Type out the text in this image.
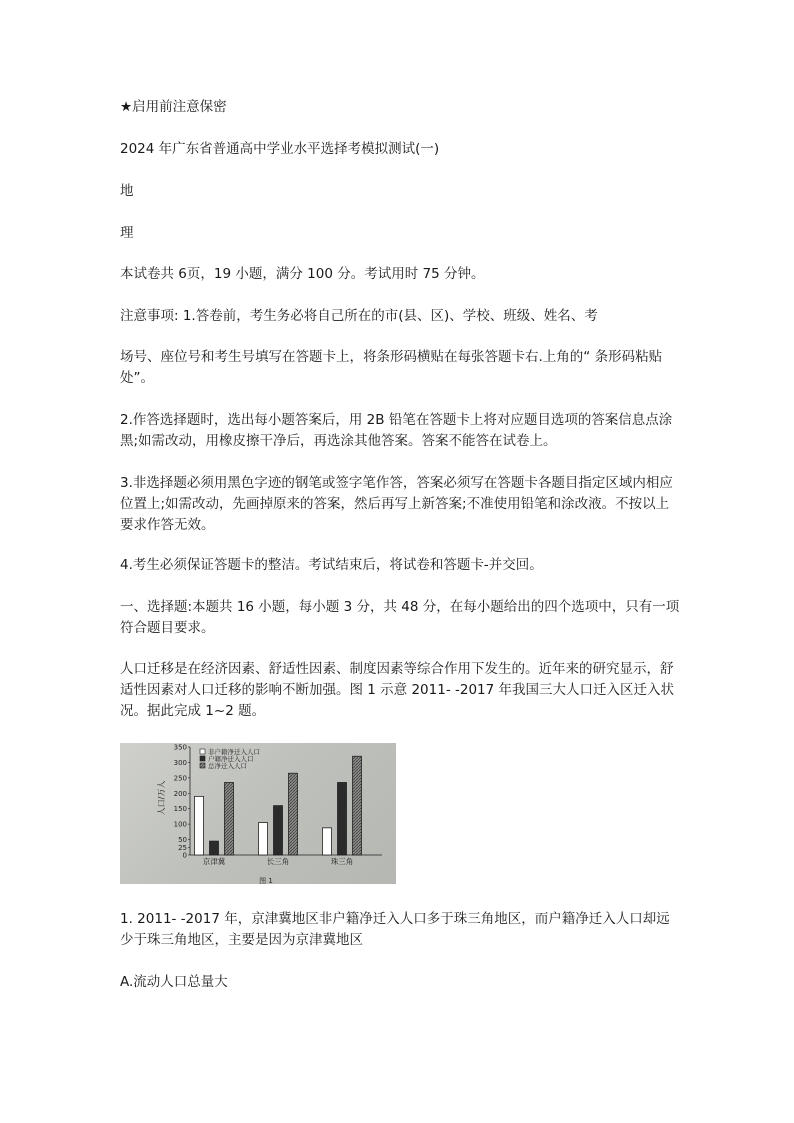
★启用前注意保密
2024 年广东省普通高中学业水平选择考模拟测试(一)
地
理
本试卷共 6页，19 小题，满分 100 分。考试用时 75 分钟。
注意事项: 1.答卷前，考生务必将自己所在的市(县、区)、学校、班级、姓名、考
场号、座位号和考生号填写在答题卡上，将条形码横贴在每张答题卡右.上角的“ 条形码粘贴处”。
2.作答选择题时，选出每小题答案后，用 2B 铅笔在答题卡上将对应题目选项的答案信息点涂黑;如需改动，用橡皮擦干净后，再选涂其他答案。答案不能答在试卷上。
3.非选择题必须用黑色字迹的钢笔或签字笔作答，答案必须写在答题卡各题目指定区域内相应位置上;如需改动，先画掉原来的答案，然后再写上新答案;不准使用铅笔和涂改液。不按以上要求作答无效。
4.考生必须保证答题卡的整洁。考试结束后，将试卷和答题卡-并交回。
一、选择题:本题共 16 小题，每小题 3 分，共 48 分，在每小题给出的四个选项中，只有一项符合题目要求。
人口迁移是在经济因素、舒适性因素、制度因素等综合作用下发生的。近年来的研究显示，舒适性因素对人口迁移的影响不断加强。图 1 示意 2011- -2017 年我国三大人口迁入区迁入状况。据此完成 1~2 题。
人口/万人
0
25
50
100
150
200
250
300
350
非户籍净迁入人口
户籍净迁入人口
总净迁入人口
京津冀	长三角	珠三角
图 1
1. 2011- -2017 年，京津冀地区非户籍净迁入人口多于珠三角地区，而户籍净迁入人口却远少于珠三角地区，主要是因为京津冀地区
A.流动人口总量大
